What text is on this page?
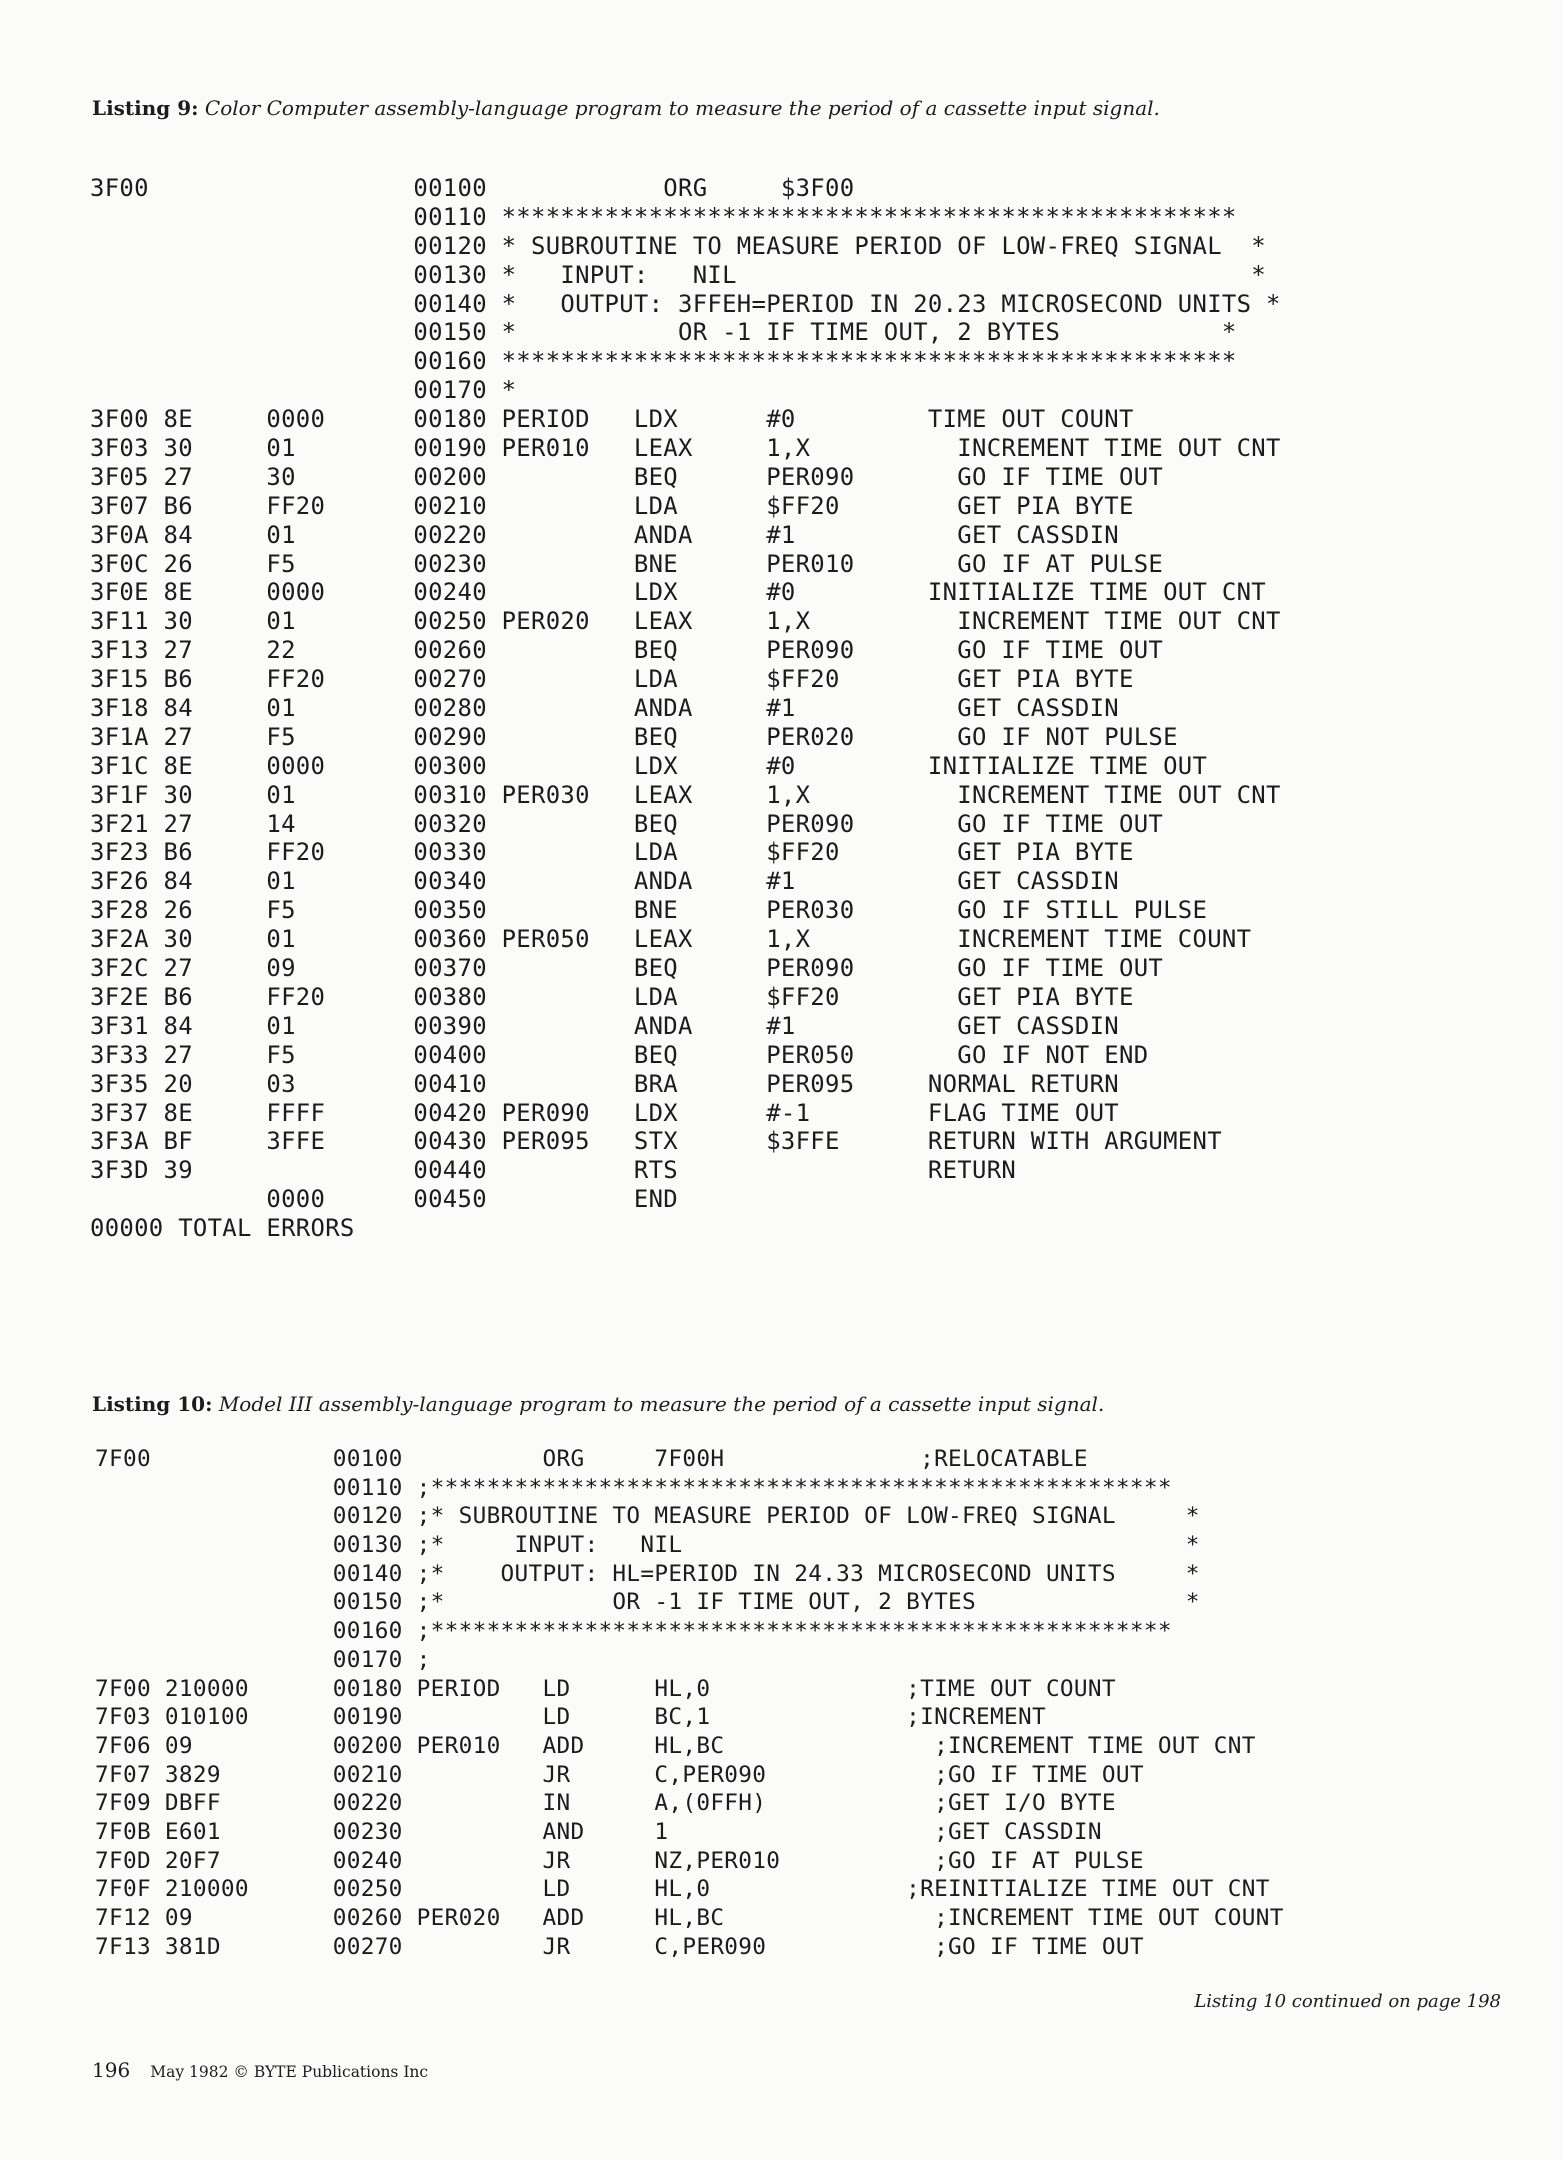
Listing 9: Color Computer assembly-language program to measure the period of a cassette input signal.
3F00                  00100            ORG     $3F00
00110 **************************************************
00120 * SUBROUTINE TO MEASURE PERIOD OF LOW-FREQ SIGNAL  *
00130 *   INPUT:   NIL                                   *
00140 *   OUTPUT: 3FFEH=PERIOD IN 20.23 MICROSECOND UNITS *
00150 *           OR -1 IF TIME OUT, 2 BYTES           *
00160 **************************************************
00170 *
3F00 8E     0000      00180 PERIOD   LDX      #0         TIME OUT COUNT
3F03 30     01        00190 PER010   LEAX     1,X          INCREMENT TIME OUT CNT
3F05 27     30        00200          BEQ      PER090       GO IF TIME OUT
3F07 B6     FF20      00210          LDA      $FF20        GET PIA BYTE
3F0A 84     01        00220          ANDA     #1           GET CASSDIN
3F0C 26     F5        00230          BNE      PER010       GO IF AT PULSE
3F0E 8E     0000      00240          LDX      #0         INITIALIZE TIME OUT CNT
3F11 30     01        00250 PER020   LEAX     1,X          INCREMENT TIME OUT CNT
3F13 27     22        00260          BEQ      PER090       GO IF TIME OUT
3F15 B6     FF20      00270          LDA      $FF20        GET PIA BYTE
3F18 84     01        00280          ANDA     #1           GET CASSDIN
3F1A 27     F5        00290          BEQ      PER020       GO IF NOT PULSE
3F1C 8E     0000      00300          LDX      #0         INITIALIZE TIME OUT
3F1F 30     01        00310 PER030   LEAX     1,X          INCREMENT TIME OUT CNT
3F21 27     14        00320          BEQ      PER090       GO IF TIME OUT
3F23 B6     FF20      00330          LDA      $FF20        GET PIA BYTE
3F26 84     01        00340          ANDA     #1           GET CASSDIN
3F28 26     F5        00350          BNE      PER030       GO IF STILL PULSE
3F2A 30     01        00360 PER050   LEAX     1,X          INCREMENT TIME COUNT
3F2C 27     09        00370          BEQ      PER090       GO IF TIME OUT
3F2E B6     FF20      00380          LDA      $FF20        GET PIA BYTE
3F31 84     01        00390          ANDA     #1           GET CASSDIN
3F33 27     F5        00400          BEQ      PER050       GO IF NOT END
3F35 20     03        00410          BRA      PER095     NORMAL RETURN
3F37 8E     FFFF      00420 PER090   LDX      #-1        FLAG TIME OUT
3F3A BF     3FFE      00430 PER095   STX      $3FFE      RETURN WITH ARGUMENT
3F3D 39               00440          RTS                 RETURN
0000      00450          END
00000 TOTAL ERRORS
Listing 10: Model III assembly-language program to measure the period of a cassette input signal.
7F00             00100          ORG     7F00H              ;RELOCATABLE
00110 ;*****************************************************
00120 ;* SUBROUTINE TO MEASURE PERIOD OF LOW-FREQ SIGNAL     *
00130 ;*     INPUT:   NIL                                    *
00140 ;*    OUTPUT: HL=PERIOD IN 24.33 MICROSECOND UNITS     *
00150 ;*            OR -1 IF TIME OUT, 2 BYTES               *
00160 ;*****************************************************
00170 ;
7F00 210000      00180 PERIOD   LD      HL,0              ;TIME OUT COUNT
7F03 010100      00190          LD      BC,1              ;INCREMENT
7F06 09          00200 PER010   ADD     HL,BC               ;INCREMENT TIME OUT CNT
7F07 3829        00210          JR      C,PER090            ;GO IF TIME OUT
7F09 DBFF        00220          IN      A,(0FFH)            ;GET I/O BYTE
7F0B E601        00230          AND     1                   ;GET CASSDIN
7F0D 20F7        00240          JR      NZ,PER010           ;GO IF AT PULSE
7F0F 210000      00250          LD      HL,0              ;REINITIALIZE TIME OUT CNT
7F12 09          00260 PER020   ADD     HL,BC               ;INCREMENT TIME OUT COUNT
7F13 381D        00270          JR      C,PER090            ;GO IF TIME OUT
Listing 10 continued on page 198
196 May 1982 © BYTE Publications Inc
